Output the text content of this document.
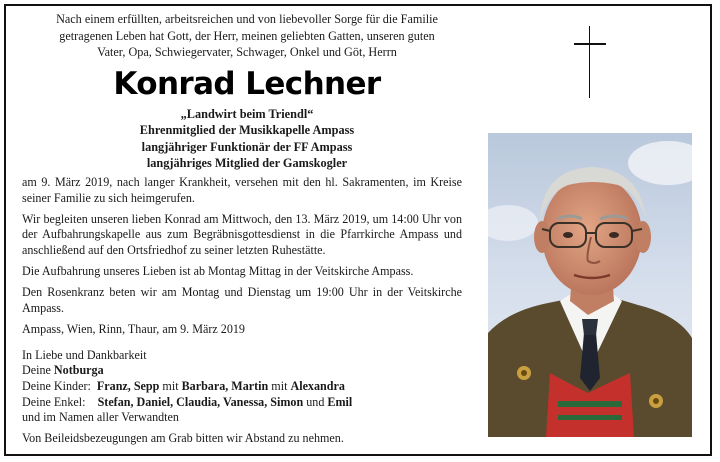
Nach einem erfüllten, arbeitsreichen und von liebevoller Sorge für die Familie
getragenen Leben hat Gott, der Herr, meinen geliebten Gatten, unseren guten
Vater, Opa, Schwiegervater, Schwager, Onkel und Göt, Herrn
Konrad Lechner
„Landwirt beim Triendl“
Ehrenmitglied der Musikkapelle Ampass
langjähriger Funktionär der FF Ampass
langjähriges Mitglied der Gamskogler

am 9. März 2019, nach langer Krankheit, versehen mit den hl. Sakramenten, im Kreise seiner Familie zu sich heimgerufen.

Wir begleiten unseren lieben Konrad am Mittwoch, den 13. März 2019, um 14:00 Uhr von der Aufbahrungskapelle aus zum Begräbnisgottesdienst in die Pfarrkirche Ampass und anschließend auf den Ortsfriedhof zu seiner letzten Ruhestätte.

Die Aufbahrung unseres Lieben ist ab Montag Mittag in der Veitskirche Ampass.

Den Rosenkranz beten wir am Montag und Dienstag um 19:00 Uhr in der Veitskirche Ampass.

Ampass, Wien, Rinn, Thaur, am 9. März 2019

In Liebe und Dankbarkeit

Deine Notburga

Deine Kinder: Franz, Sepp mit Barbara, Martin mit Alexandra

Deine Enkel: Stefan, Daniel, Claudia, Vanessa, Simon und Emil

und im Namen aller Verwandten

Von Beileidsbezeugungen am Grab bitten wir Abstand zu nehmen.
